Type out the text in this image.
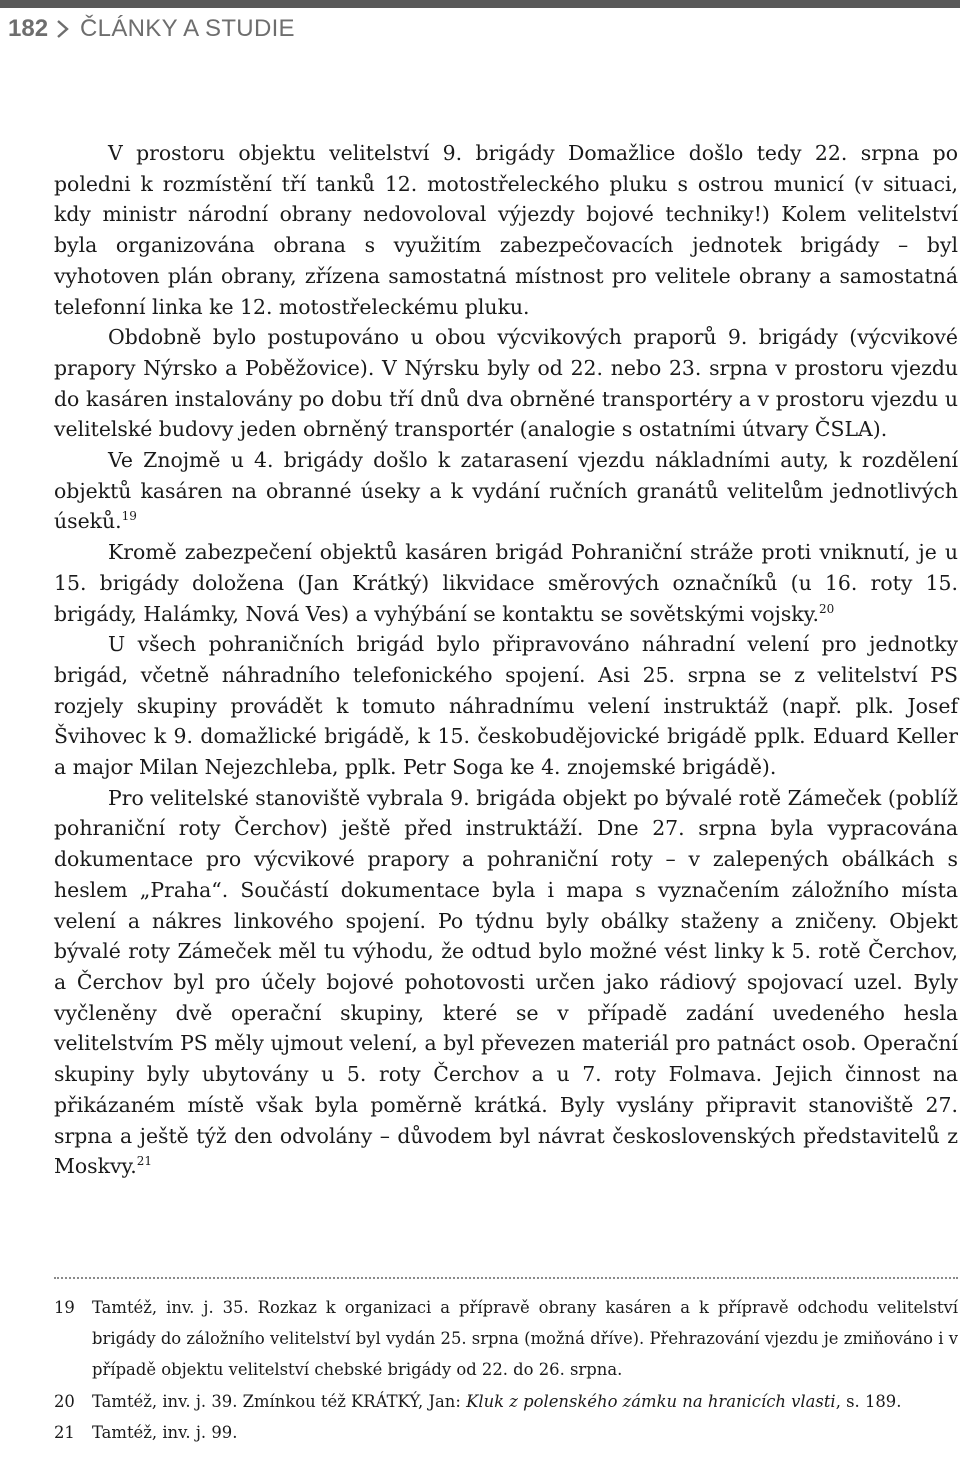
182 ČLÁNKY A STUDIE

V prostoru objektu velitelství 9. brigády Domažlice došlo tedy 22. srpna po poledni k rozmístění tří tanků 12. motostřeleckého pluku s ostrou municí (v situaci, kdy ministr národní obrany nedovoloval výjezdy bojové techniky!) Kolem velitelství byla organizována obrana s využitím zabezpečovacích jednotek brigády – byl vyhotoven plán obrany, zřízena samostatná místnost pro velitele obrany a samostatná telefonní linka ke 12. motostřeleckému pluku.

Obdobně bylo postupováno u obou výcvikových praporů 9. brigády (výcvikové prapory Nýrsko a Poběžovice). V Nýrsku byly od 22. nebo 23. srpna v prostoru vjezdu do kasáren instalovány po dobu tří dnů dva obrněné transportéry a v prostoru vjezdu u velitelské budovy jeden obrněný transportér (analogie s ostatními útvary ČSLA).

Ve Znojmě u 4. brigády došlo k zatarasení vjezdu nákladními auty, k rozdělení objektů kasáren na obranné úseky a k vydání ručních granátů velitelům jednotlivých úseků.$^{19}$

Kromě zabezpečení objektů kasáren brigád Pohraniční stráže proti vniknutí, je u 15. brigády doložena (Jan Krátký) likvidace směrových označníků (u 16. roty 15. brigády, Halámky, Nová Ves) a vyhýbání se kontaktu se sovětskými vojsky.$^{20}$

U všech pohraničních brigád bylo připravováno náhradní velení pro jednotky brigád, včetně náhradního telefonického spojení. Asi 25. srpna se z velitelství PS rozjely skupiny provádět k tomuto náhradnímu velení instruktáž (např. plk. Josef Švihovec k 9. domažlické brigádě, k 15. českobudějovické brigádě pplk. Eduard Keller a major Milan Nejezchleba, pplk. Petr Soga ke 4. znojemské brigádě).

Pro velitelské stanoviště vybrala 9. brigáda objekt po bývalé rotě Zámeček (poblíž pohraniční roty Čerchov) ještě před instruktáží. Dne 27. srpna byla vypracována dokumentace pro výcvikové prapory a pohraniční roty – v zalepených obálkách s heslem „Praha“. Součástí dokumentace byla i mapa s vyznačením záložního místa velení a nákres linkového spojení. Po týdnu byly obálky staženy a zničeny. Objekt bývalé roty Zámeček měl tu výhodu, že odtud bylo možné vést linky k 5. rotě Čerchov, a Čerchov byl pro účely bojové pohotovosti určen jako rádiový spojovací uzel. Byly vyčleněny dvě operační skupiny, které se v případě zadání uvedeného hesla velitelstvím PS měly ujmout velení, a byl převezen materiál pro patnáct osob. Operační skupiny byly ubytovány u 5. roty Čerchov a u 7. roty Folmava. Jejich činnost na přikázaném místě však byla poměrně krátká. Byly vyslány připravit stanoviště 27. srpna a ještě týž den odvolány – důvodem byl návrat československých představitelů z Moskvy.$^{21}$

19	Tamtéž, inv. j. 35. Rozkaz k organizaci a přípravě obrany kasáren a k přípravě odchodu velitelství brigády do záložního velitelství byl vydán 25. srpna (možná dříve). Přehrazování vjezdu je zmiňováno i v případě objektu velitelství chebské brigády od 22. do 26. srpna.
20	Tamtéž, inv. j. 39. Zmínkou též KRÁTKÝ, Jan: Kluk z polenského zámku na hranicích vlasti, s. 189.
21	Tamtéž, inv. j. 99.
